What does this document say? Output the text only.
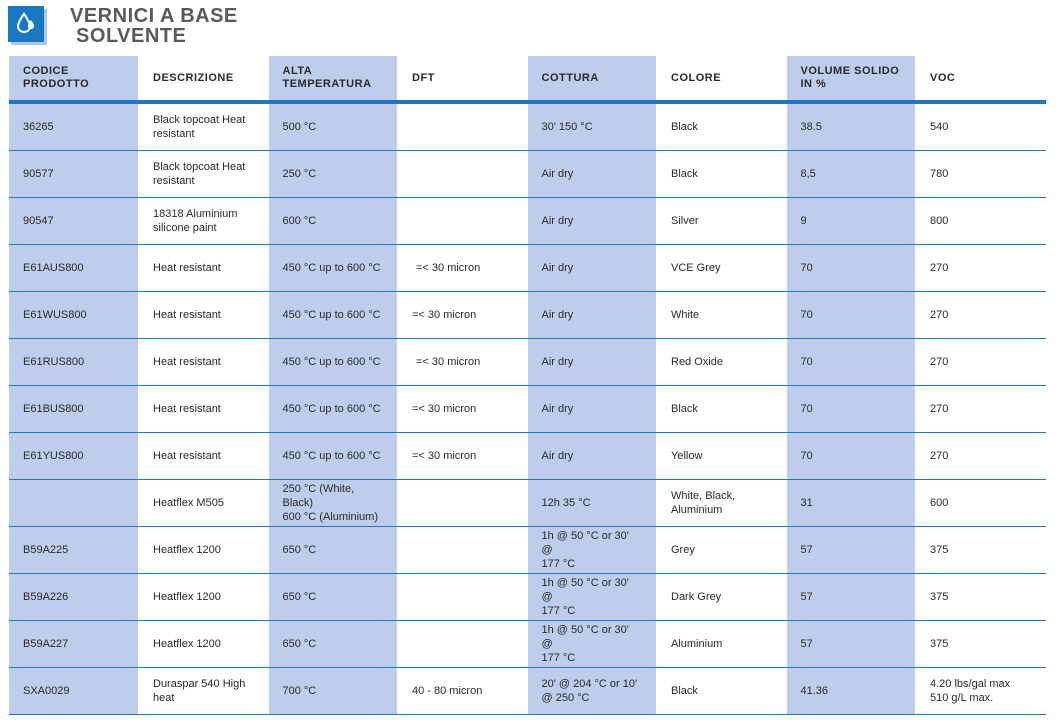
VERNICI A BASE
SOLVENTE
CODICE
PRODOTTO	DESCRIZIONE	ALTA
TEMPERATURA	DFT	COTTURA	COLORE	VOLUME SOLIDO
IN %	VOC
36265	Black topcoat Heat
resistant	500 °C		30' 150 °C	Black	38.5	540
90577	Black topcoat Heat
resistant	250 °C		Air dry	Black	8,5	780
90547	18318 Aluminium
silicone paint	600 °C		Air dry	Silver	9	800
E61AUS800	Heat resistant	450 °C up to 600 °C	=< 30 micron	Air dry	VCE Grey	70	270
E61WUS800	Heat resistant	450 °C up to 600 °C	=< 30 micron	Air dry	White	70	270
E61RUS800	Heat resistant	450 °C up to 600 °C	=< 30 micron	Air dry	Red Oxide	70	270
E61BUS800	Heat resistant	450 °C up to 600 °C	=< 30 micron	Air dry	Black	70	270
E61YUS800	Heat resistant	450 °C up to 600 °C	=< 30 micron	Air dry	Yellow	70	270
	Heatflex M505	250 °C (White, Black)
600 °C (Aluminium)		12h 35 °C	White, Black,
Aluminium	31	600
B59A225	Heatflex 1200	650 °C		1h @ 50 °C or 30' @
177 °C	Grey	57	375
B59A226	Heatflex 1200	650 °C		1h @ 50 °C or 30' @
177 °C	Dark Grey	57	375
B59A227	Heatflex 1200	650 °C		1h @ 50 °C or 30' @
177 °C	Aluminium	57	375
SXA0029	Duraspar 540 High
heat	700 °C	40 - 80 micron	20' @ 204 °C or 10'
@ 250 °C	Black	41.36	4.20 lbs/gal max
510 g/L max.
